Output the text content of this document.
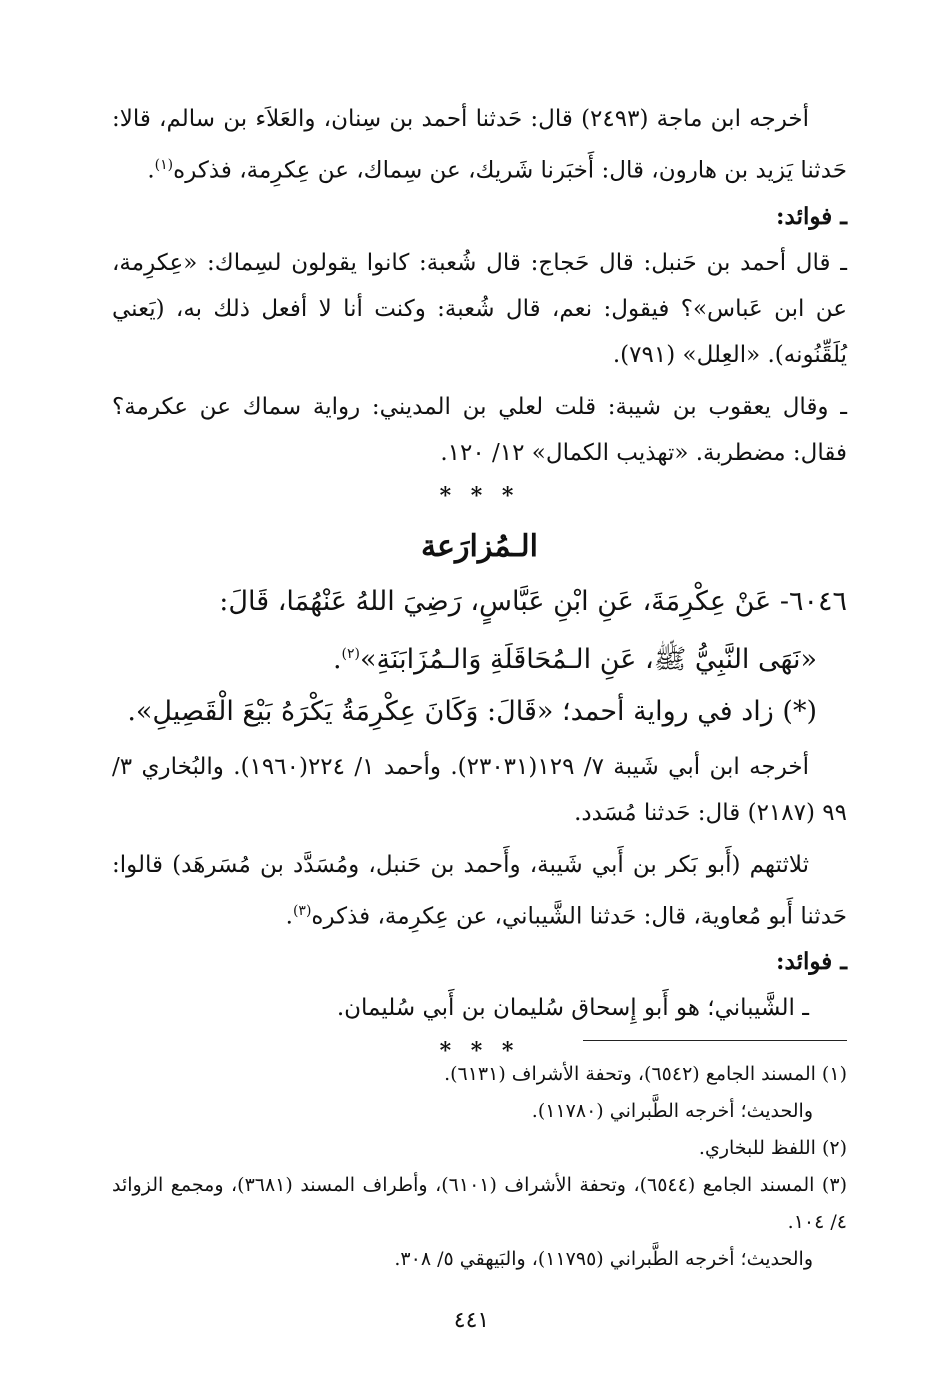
أخرجه ابن ماجة (٢٤٩٣) قال: حَدثنا أحمد بن سِنان، والعَلاَء بن سالم، قالا: حَدثنا يَزيد بن هارون، قال: أَخبَرنا شَريك، عن سِماك، عن عِكرِمة، فذكره$^{(١)}$.

ـ فوائد:

ـ قال أحمد بن حَنبل: قال حَجاج: قال شُعبة: كانوا يقولون لسِماك: «عِكرِمة، عن ابن عَباس»؟ فيقول: نعم، قال شُعبة: وكنت أنا لا أفعل ذلك به، (يَعني يُلَقِّنُونه). «العِلل» (٧٩١).

ـ وقال يعقوب بن شيبة: قلت لعلي بن المديني: رواية سماك عن عكرمة؟ فقال: مضطربة. «تهذيب الكمال» ١٢/ ١٢٠.

* * *

الـمُزارَعة

٦٠٤٦- عَنْ عِكْرِمَةَ، عَنِ ابْنِ عَبَّاسٍ، رَضِيَ اللهُ عَنْهُمَا، قَالَ:

«نَهَى النَّبِيُّ ﷺ، عَنِ الـمُحَاقَلَةِ وَالـمُزَابَنَةِ»$^{(٢)}$.

(*) زاد في رواية أحمد؛ «قَالَ: وَكَانَ عِكْرِمَةُ يَكْرَهُ بَيْعَ الْقَصِيلِ».

أخرجه ابن أبي شَيبة ٧/ ١٢٩(٢٣٠٣١). وأحمد ١/ ٢٢٤(١٩٦٠). والبُخاري ٣/ ٩٩ (٢١٨٧) قال: حَدثنا مُسَدد.

ثلاثتهم (أَبو بَكر بن أَبي شَيبة، وأَحمد بن حَنبل، ومُسَدَّد بن مُسَرهَد) قالوا: حَدثنا أَبو مُعاوية، قال: حَدثنا الشَّيباني، عن عِكرِمة، فذكره$^{(٣)}$.

ـ فوائد:

ـ الشَّيباني؛ هو أَبو إِسحاق سُليمان بن أَبي سُليمان.

* * *

(١) المسند الجامع (٦٥٤٢)، وتحفة الأشراف (٦١٣١).

والحديث؛ أخرجه الطَّبراني (١١٧٨٠).

(٢) اللفظ للبخاري.

(٣) المسند الجامع (٦٥٤٤)، وتحفة الأشراف (٦١٠١)، وأطراف المسند (٣٦٨١)، ومجمع الزوائد ٤/ ١٠٤.

والحديث؛ أخرجه الطَّبراني (١١٧٩٥)، والبَيهقي ٥/ ٣٠٨.

٤٤١
